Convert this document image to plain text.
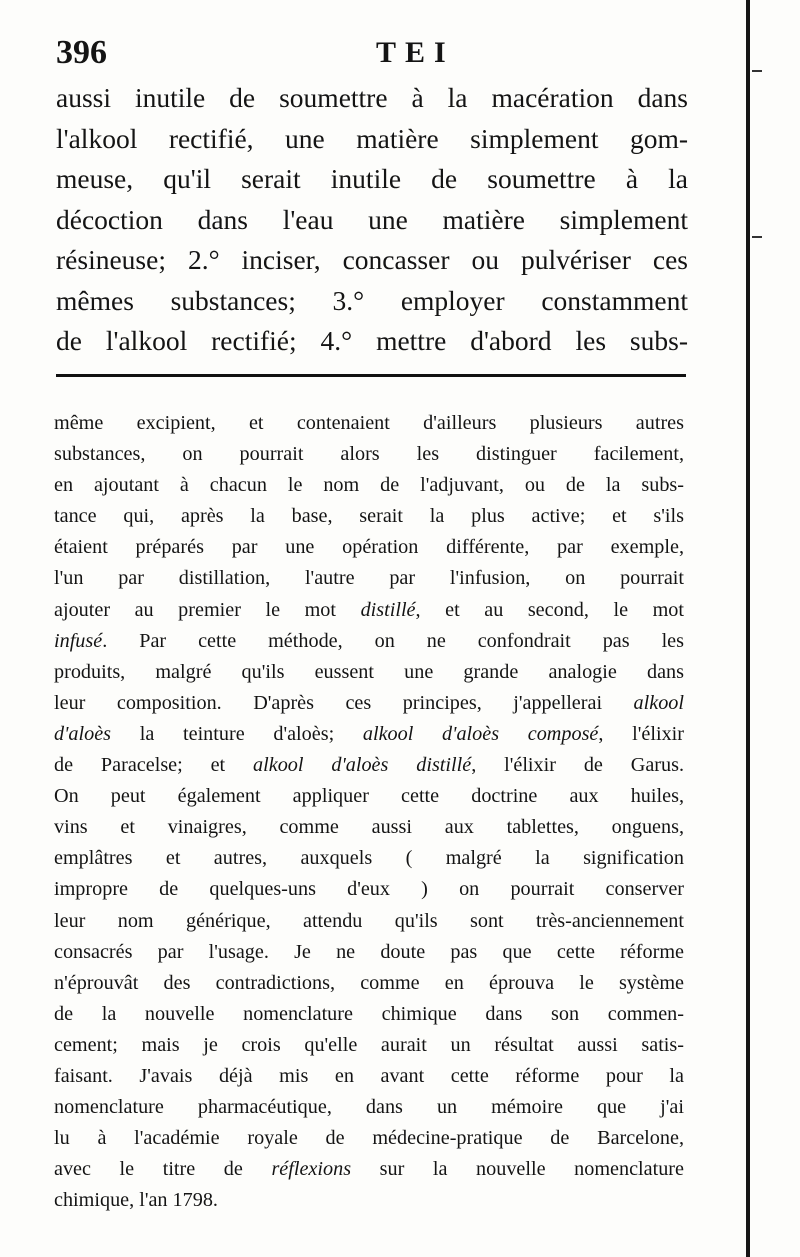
396	TEI
aussi inutile de soumettre à la macération dans
l'alkool rectifié, une matière simplement gom-
meuse, qu'il serait inutile de soumettre à la
décoction dans l'eau une matière simplement
résineuse; 2.° inciser, concasser ou pulvériser ces
mêmes substances; 3.° employer constamment
de l'alkool rectifié; 4.° mettre d'abord les subs-
même excipient, et contenaient d'ailleurs plusieurs autres
substances, on pourrait alors les distinguer facilement,
en ajoutant à chacun le nom de l'adjuvant, ou de la subs-
tance qui, après la base, serait la plus active; et s'ils
étaient préparés par une opération différente, par exemple,
l'un par distillation, l'autre par l'infusion, on pourrait
ajouter au premier le mot distillé, et au second, le mot
infusé. Par cette méthode, on ne confondrait pas les
produits, malgré qu'ils eussent une grande analogie dans
leur composition. D'après ces principes, j'appellerai alkool
d'aloès la teinture d'aloès; alkool d'aloès composé, l'élixir
de Paracelse; et alkool d'aloès distillé, l'élixir de Garus.
On peut également appliquer cette doctrine aux huiles,
vins et vinaigres, comme aussi aux tablettes, onguens,
emplâtres et autres, auxquels ( malgré la signification
impropre de quelques-uns d'eux ) on pourrait conserver
leur nom générique, attendu qu'ils sont très-anciennement
consacrés par l'usage. Je ne doute pas que cette réforme
n'éprouvât des contradictions, comme en éprouva le système
de la nouvelle nomenclature chimique dans son commen-
cement; mais je crois qu'elle aurait un résultat aussi satis-
faisant. J'avais déjà mis en avant cette réforme pour la
nomenclature pharmacéutique, dans un mémoire que j'ai
lu à l'académie royale de médecine-pratique de Barcelone,
avec le titre de réflexions sur la nouvelle nomenclature
chimique, l'an 1798.
